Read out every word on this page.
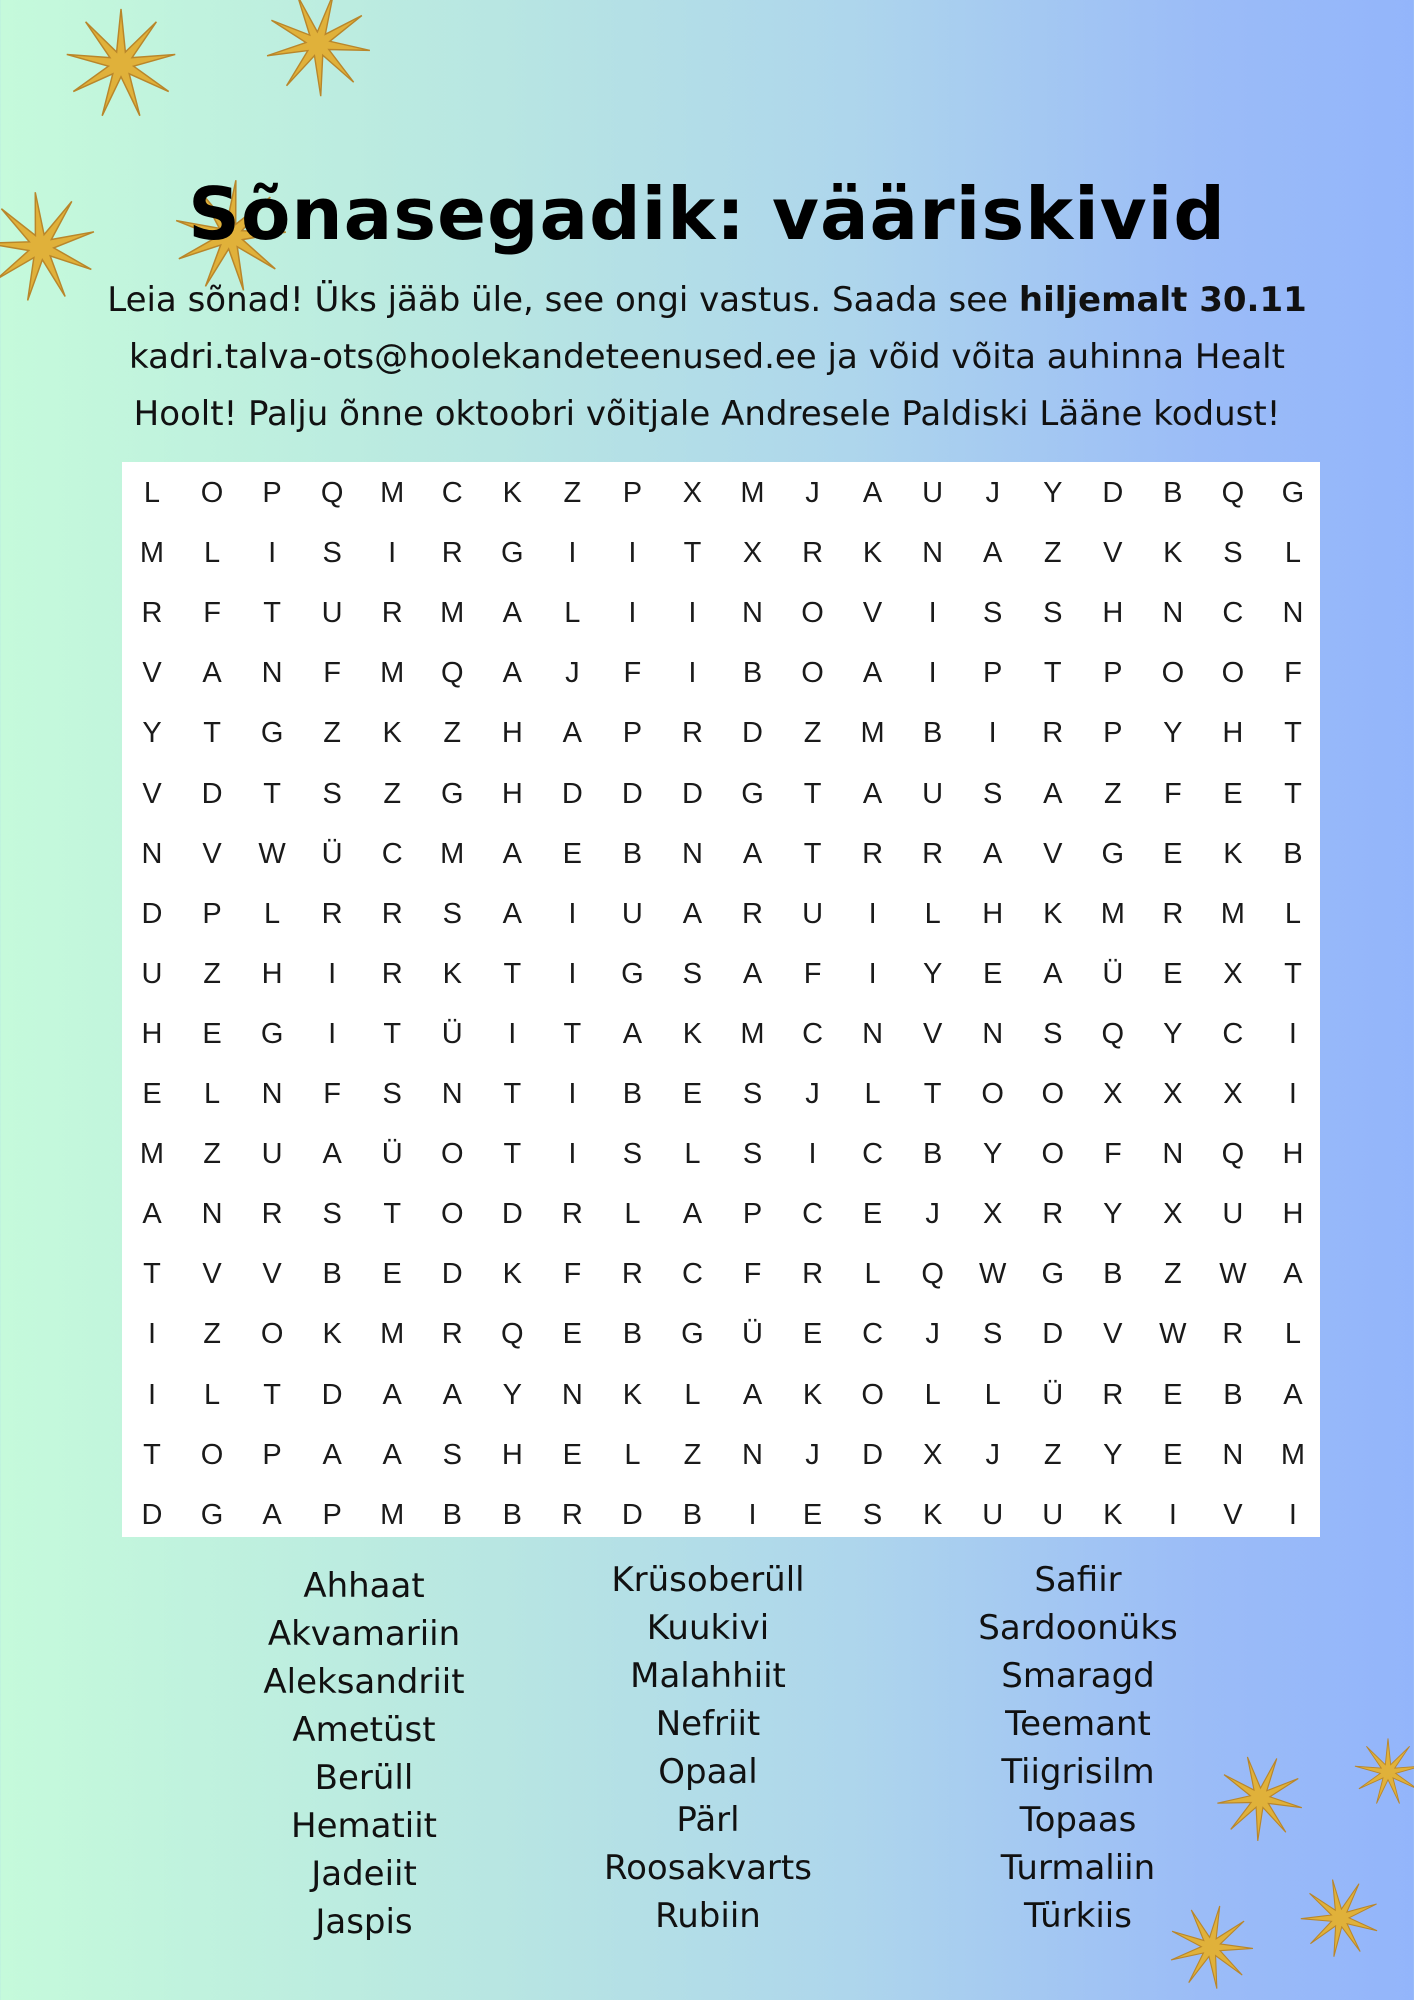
Sõnasegadik: vääriskivid

Leia sõnad! Üks jääb üle, see ongi vastus. Saada see hiljemalt 30.11
kadri.talva-ots@hoolekandeteenused.ee ja võid võita auhinna Healt
Hoolt! Palju õnne oktoobri võitjale Andresele Paldiski Lääne kodust!

L	O	P	Q	M	C	K	Z	P	X	M	J	A	U	J	Y	D	B	Q	G
M	L	I	S	I	R	G	I	I	T	X	R	K	N	A	Z	V	K	S	L
R	F	T	U	R	M	A	L	I	I	N	O	V	I	S	S	H	N	C	N
V	A	N	F	M	Q	A	J	F	I	B	O	A	I	P	T	P	O	O	F
Y	T	G	Z	K	Z	H	A	P	R	D	Z	M	B	I	R	P	Y	H	T
V	D	T	S	Z	G	H	D	D	D	G	T	A	U	S	A	Z	F	E	T
N	V	W	Ü	C	M	A	E	B	N	A	T	R	R	A	V	G	E	K	B
D	P	L	R	R	S	A	I	U	A	R	U	I	L	H	K	M	R	M	L
U	Z	H	I	R	K	T	I	G	S	A	F	I	Y	E	A	Ü	E	X	T
H	E	G	I	T	Ü	I	T	A	K	M	C	N	V	N	S	Q	Y	C	I
E	L	N	F	S	N	T	I	B	E	S	J	L	T	O	O	X	X	X	I
M	Z	U	A	Ü	O	T	I	S	L	S	I	C	B	Y	O	F	N	Q	H
A	N	R	S	T	O	D	R	L	A	P	C	E	J	X	R	Y	X	U	H
T	V	V	B	E	D	K	F	R	C	F	R	L	Q	W	G	B	Z	W	A
I	Z	O	K	M	R	Q	E	B	G	Ü	E	C	J	S	D	V	W	R	L
I	L	T	D	A	A	Y	N	K	L	A	K	O	L	L	Ü	R	E	B	A
T	O	P	A	A	S	H	E	L	Z	N	J	D	X	J	Z	Y	E	N	M
D	G	A	P	M	B	B	R	D	B	I	E	S	K	U	U	K	I	V	I
Ahhaat
Akvamariin
Aleksandriit
Ametüst
Berüll
Hematiit
Jadeiit
Jaspis
Krüsoberüll
Kuukivi
Malahhiit
Nefriit
Opaal
Pärl
Roosakvarts
Rubiin
Safiir
Sardoonüks
Smaragd
Teemant
Tiigrisilm
Topaas
Turmaliin
Türkiis
